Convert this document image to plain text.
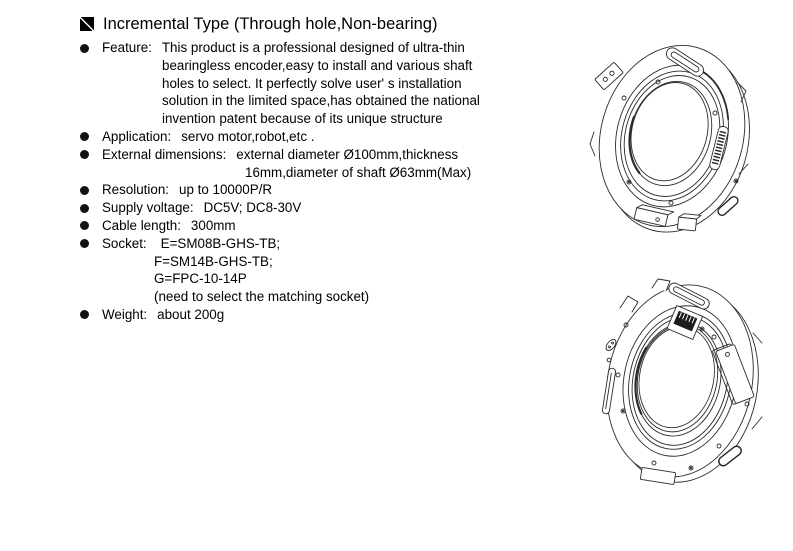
Incremental Type (Through hole,Non-bearing)
Feature: This product is a professional designed of ultra-thin
bearingless encoder,easy to install and various shaft
holes to select. It perfectly solve user' s installation
solution in the limited space,has obtained the national
invention patent because of its unique structure
Application: servo motor,robot,etc .
External dimensions: external diameter Ø100mm,thickness
16mm,diameter of shaft Ø63mm(Max)
Resolution: up to 10000P/R
Supply voltage: DC5V; DC8-30V
Cable length: 300mm
Socket: E=SM08B-GHS-TB;
F=SM14B-GHS-TB;
G=FPC-10-14P
(need to select the matching socket)
Weight: about 200g
